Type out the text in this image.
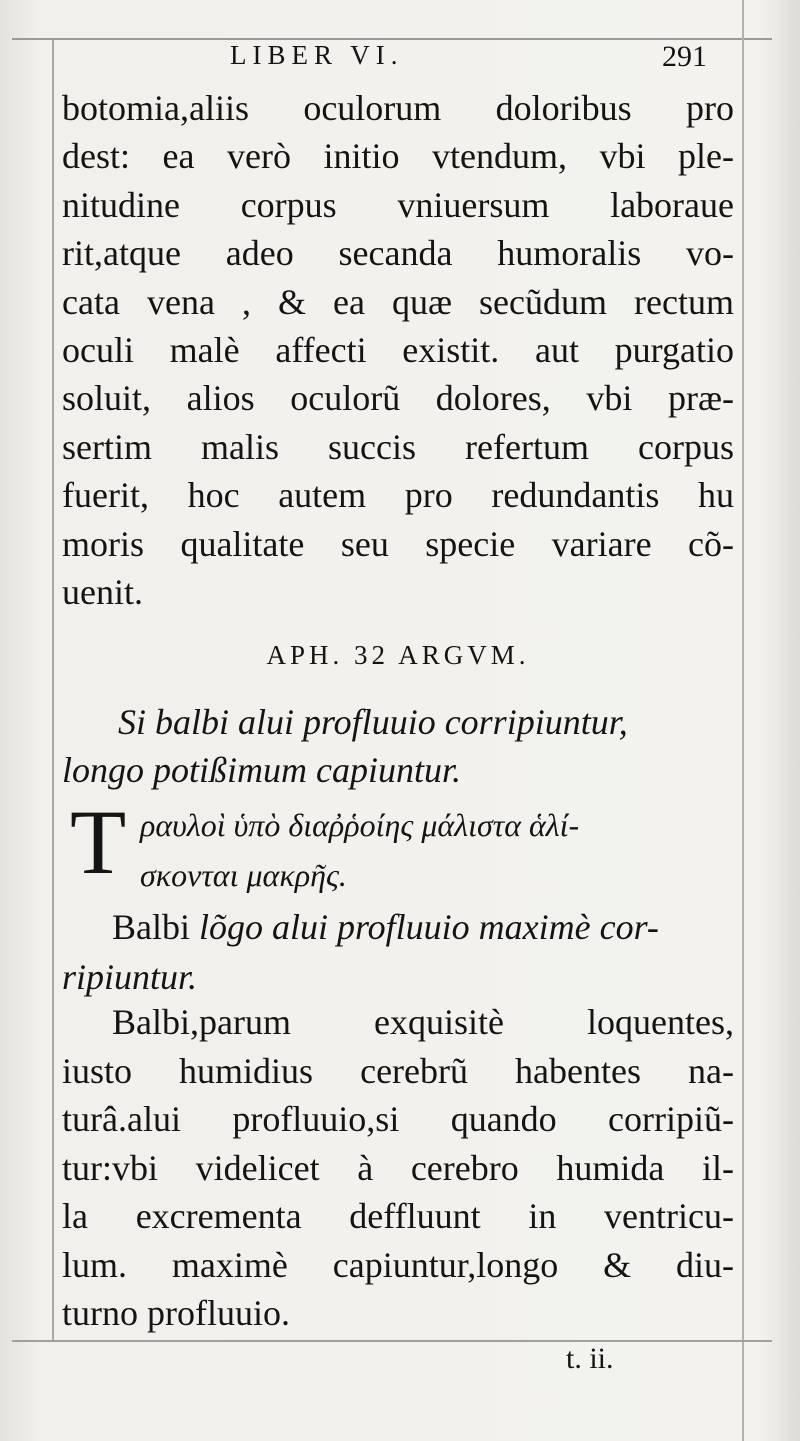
LIBER VI.	291
botomia,aliis oculorum doloribus pro
dest: ea verò initio vtendum, vbi ple-
nitudine corpus vniuersum laboraue
rit,atque adeo secanda humoralis vo-
cata vena , & ea quæ secũdum rectum
oculi malè affecti existit. aut purgatio
soluit, alios oculorũ dolores, vbi præ-
sertim malis succis refertum corpus
fuerit, hoc autem pro redundantis hu
moris qualitate seu specie variare cõ-
uenit.
APH. 32 ARGVM.
Si balbi alui profluuio corripiuntur,
longo potißimum capiuntur.
T ραυλοὶ ὑπὸ διαῤῥοίης μάλιστα ἁλί-
σκονται μακρῆς.
Balbi lõgo alui profluuio maximè cor-
ripiuntur.
Balbi,parum exquisitè loquentes,
iusto humidius cerebrũ habentes na-
turâ.alui profluuio,si quando corripiũ-
tur:vbi videlicet à cerebro humida il-
la excrementa deffluunt in ventricu-
lum. maximè capiuntur,longo & diu-
turno profluuio.
t. ii.
